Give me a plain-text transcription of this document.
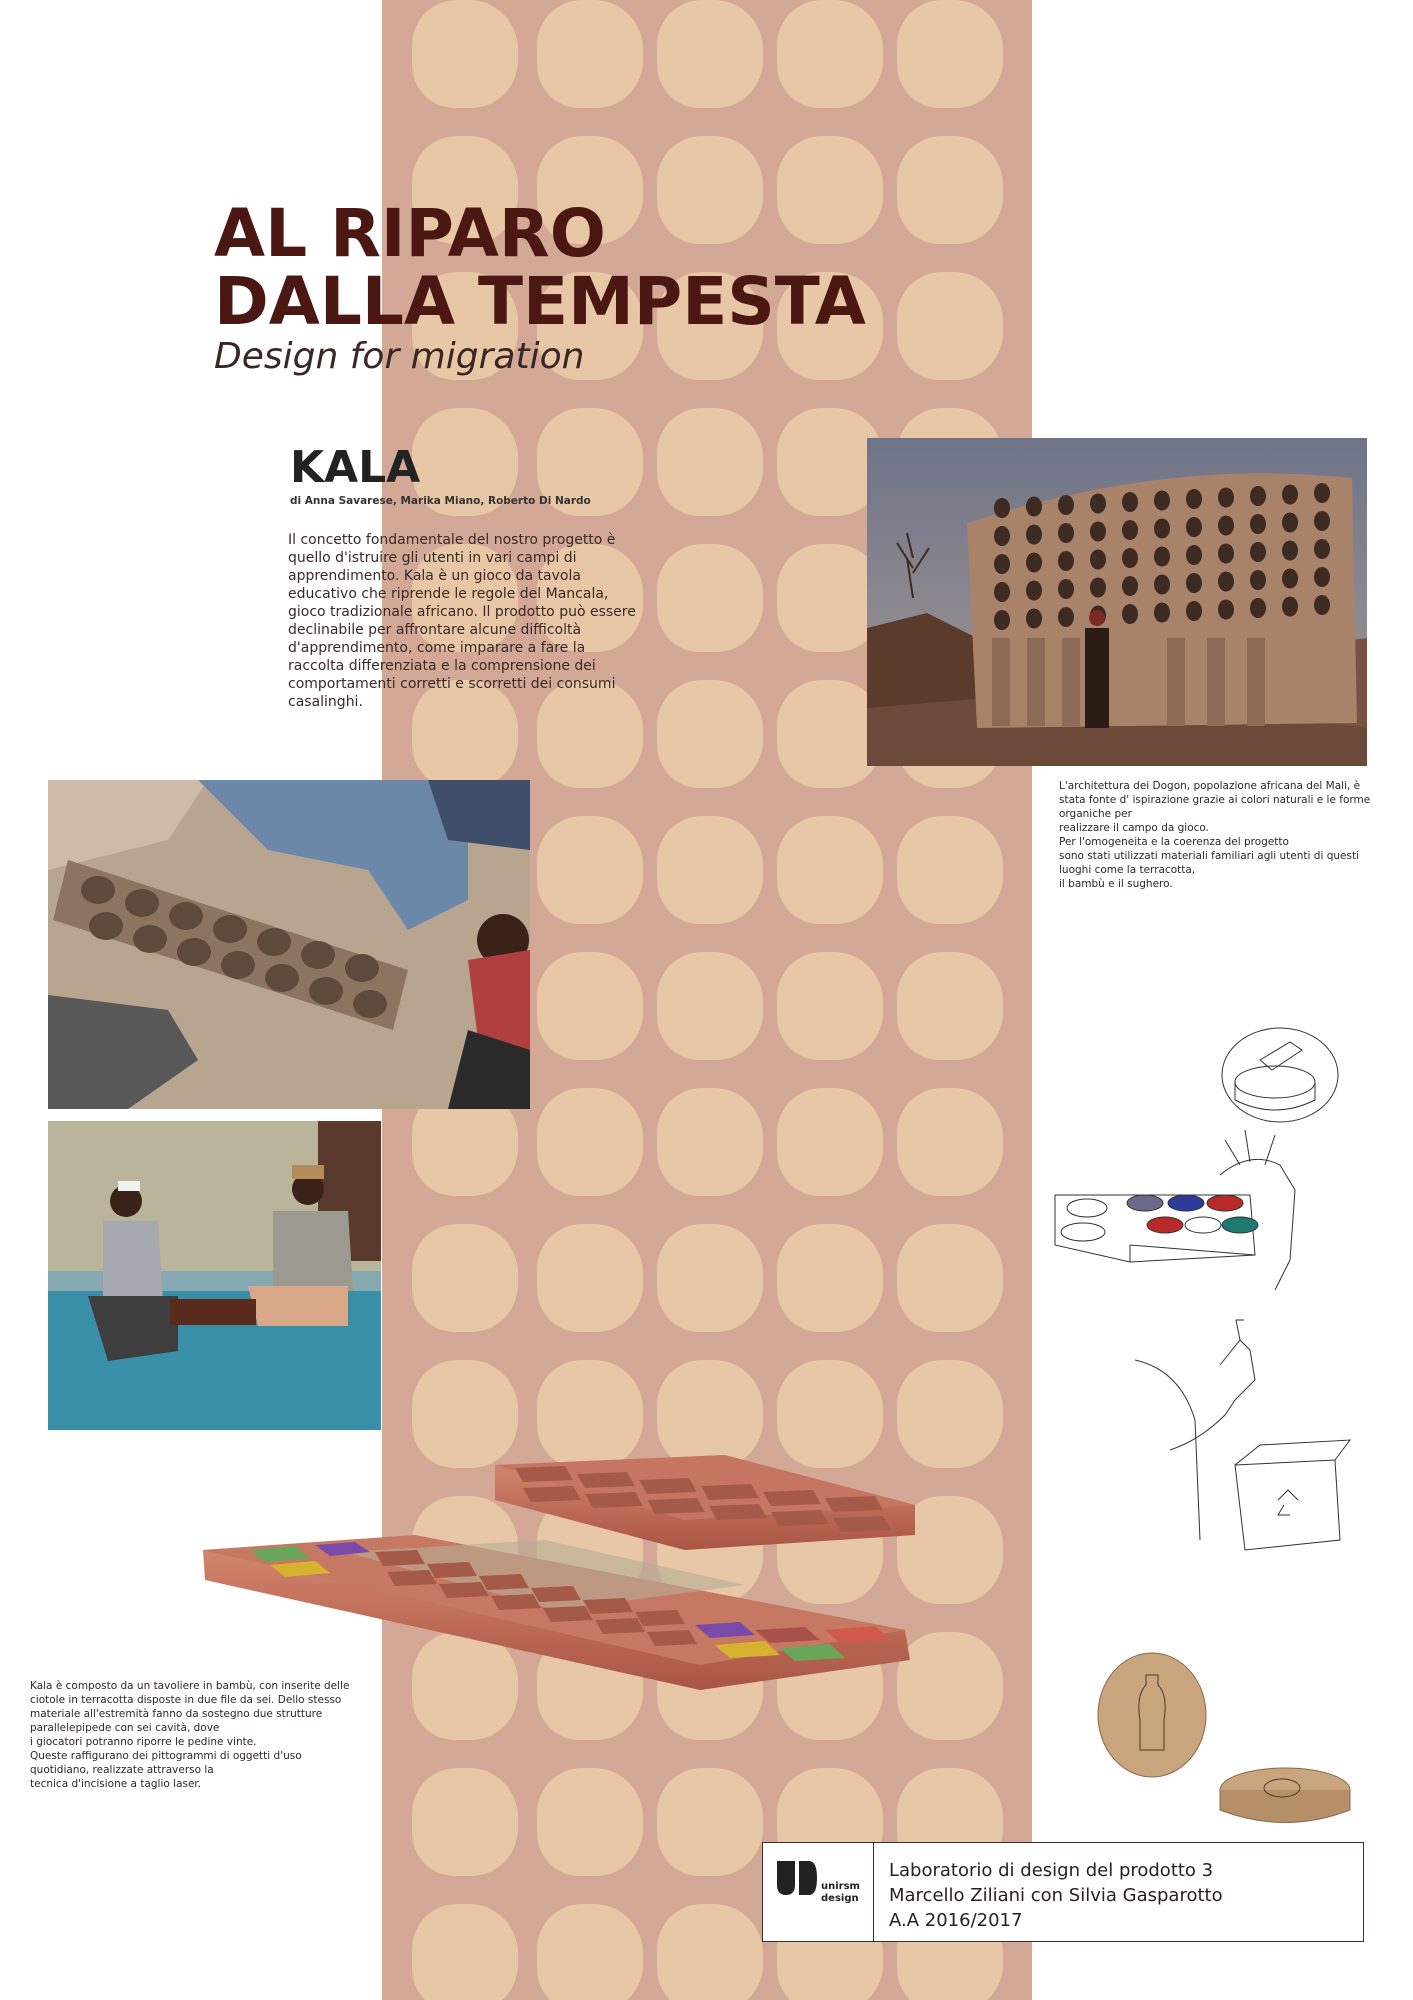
AL RIPARO
DALLA TEMPESTA
Design for migration
KALA
di Anna Savarese, Marika Miano, Roberto Di Nardo

Il concetto fondamentale del nostro progetto è quello d'istruire gli utenti in vari campi di apprendimento. Kala è un gioco da tavola educativo che riprende le regole del Mancala, gioco tradizionale africano. Il prodotto può essere declinabile per affrontare alcune difficoltà d'apprendimento, come imparare a fare la raccolta differenziata e la comprensione dei comportamenti corretti e scorretti dei consumi casalinghi.

L'architettura dei Dogon, popolazione africana del Mali, è
stata fonte d' ispirazione grazie ai colori naturali e le forme
organiche per
realizzare il campo da gioco.
Per l'omogeneita e la coerenza del progetto
sono stati utilizzati materiali familiari agli utenti di questi
luoghi come la terracotta,
il bambù e il sughero.

Kala è composto da un tavoliere in bambù, con inserite delle
ciotole in terracotta disposte in due file da sei. Dello stesso
materiale all'estremità fanno da sostegno due strutture
parallelepipede con sei cavità, dove
i giocatori potranno riporre le pedine vinte.
Queste raffigurano dei pittogrammi di oggetti d'uso
quotidiano, realizzate attraverso la
tecnica d'incisione a taglio laser.

unirsm
design
Laboratorio di design del prodotto 3
Marcello Ziliani con Silvia Gasparotto
A.A 2016/2017
